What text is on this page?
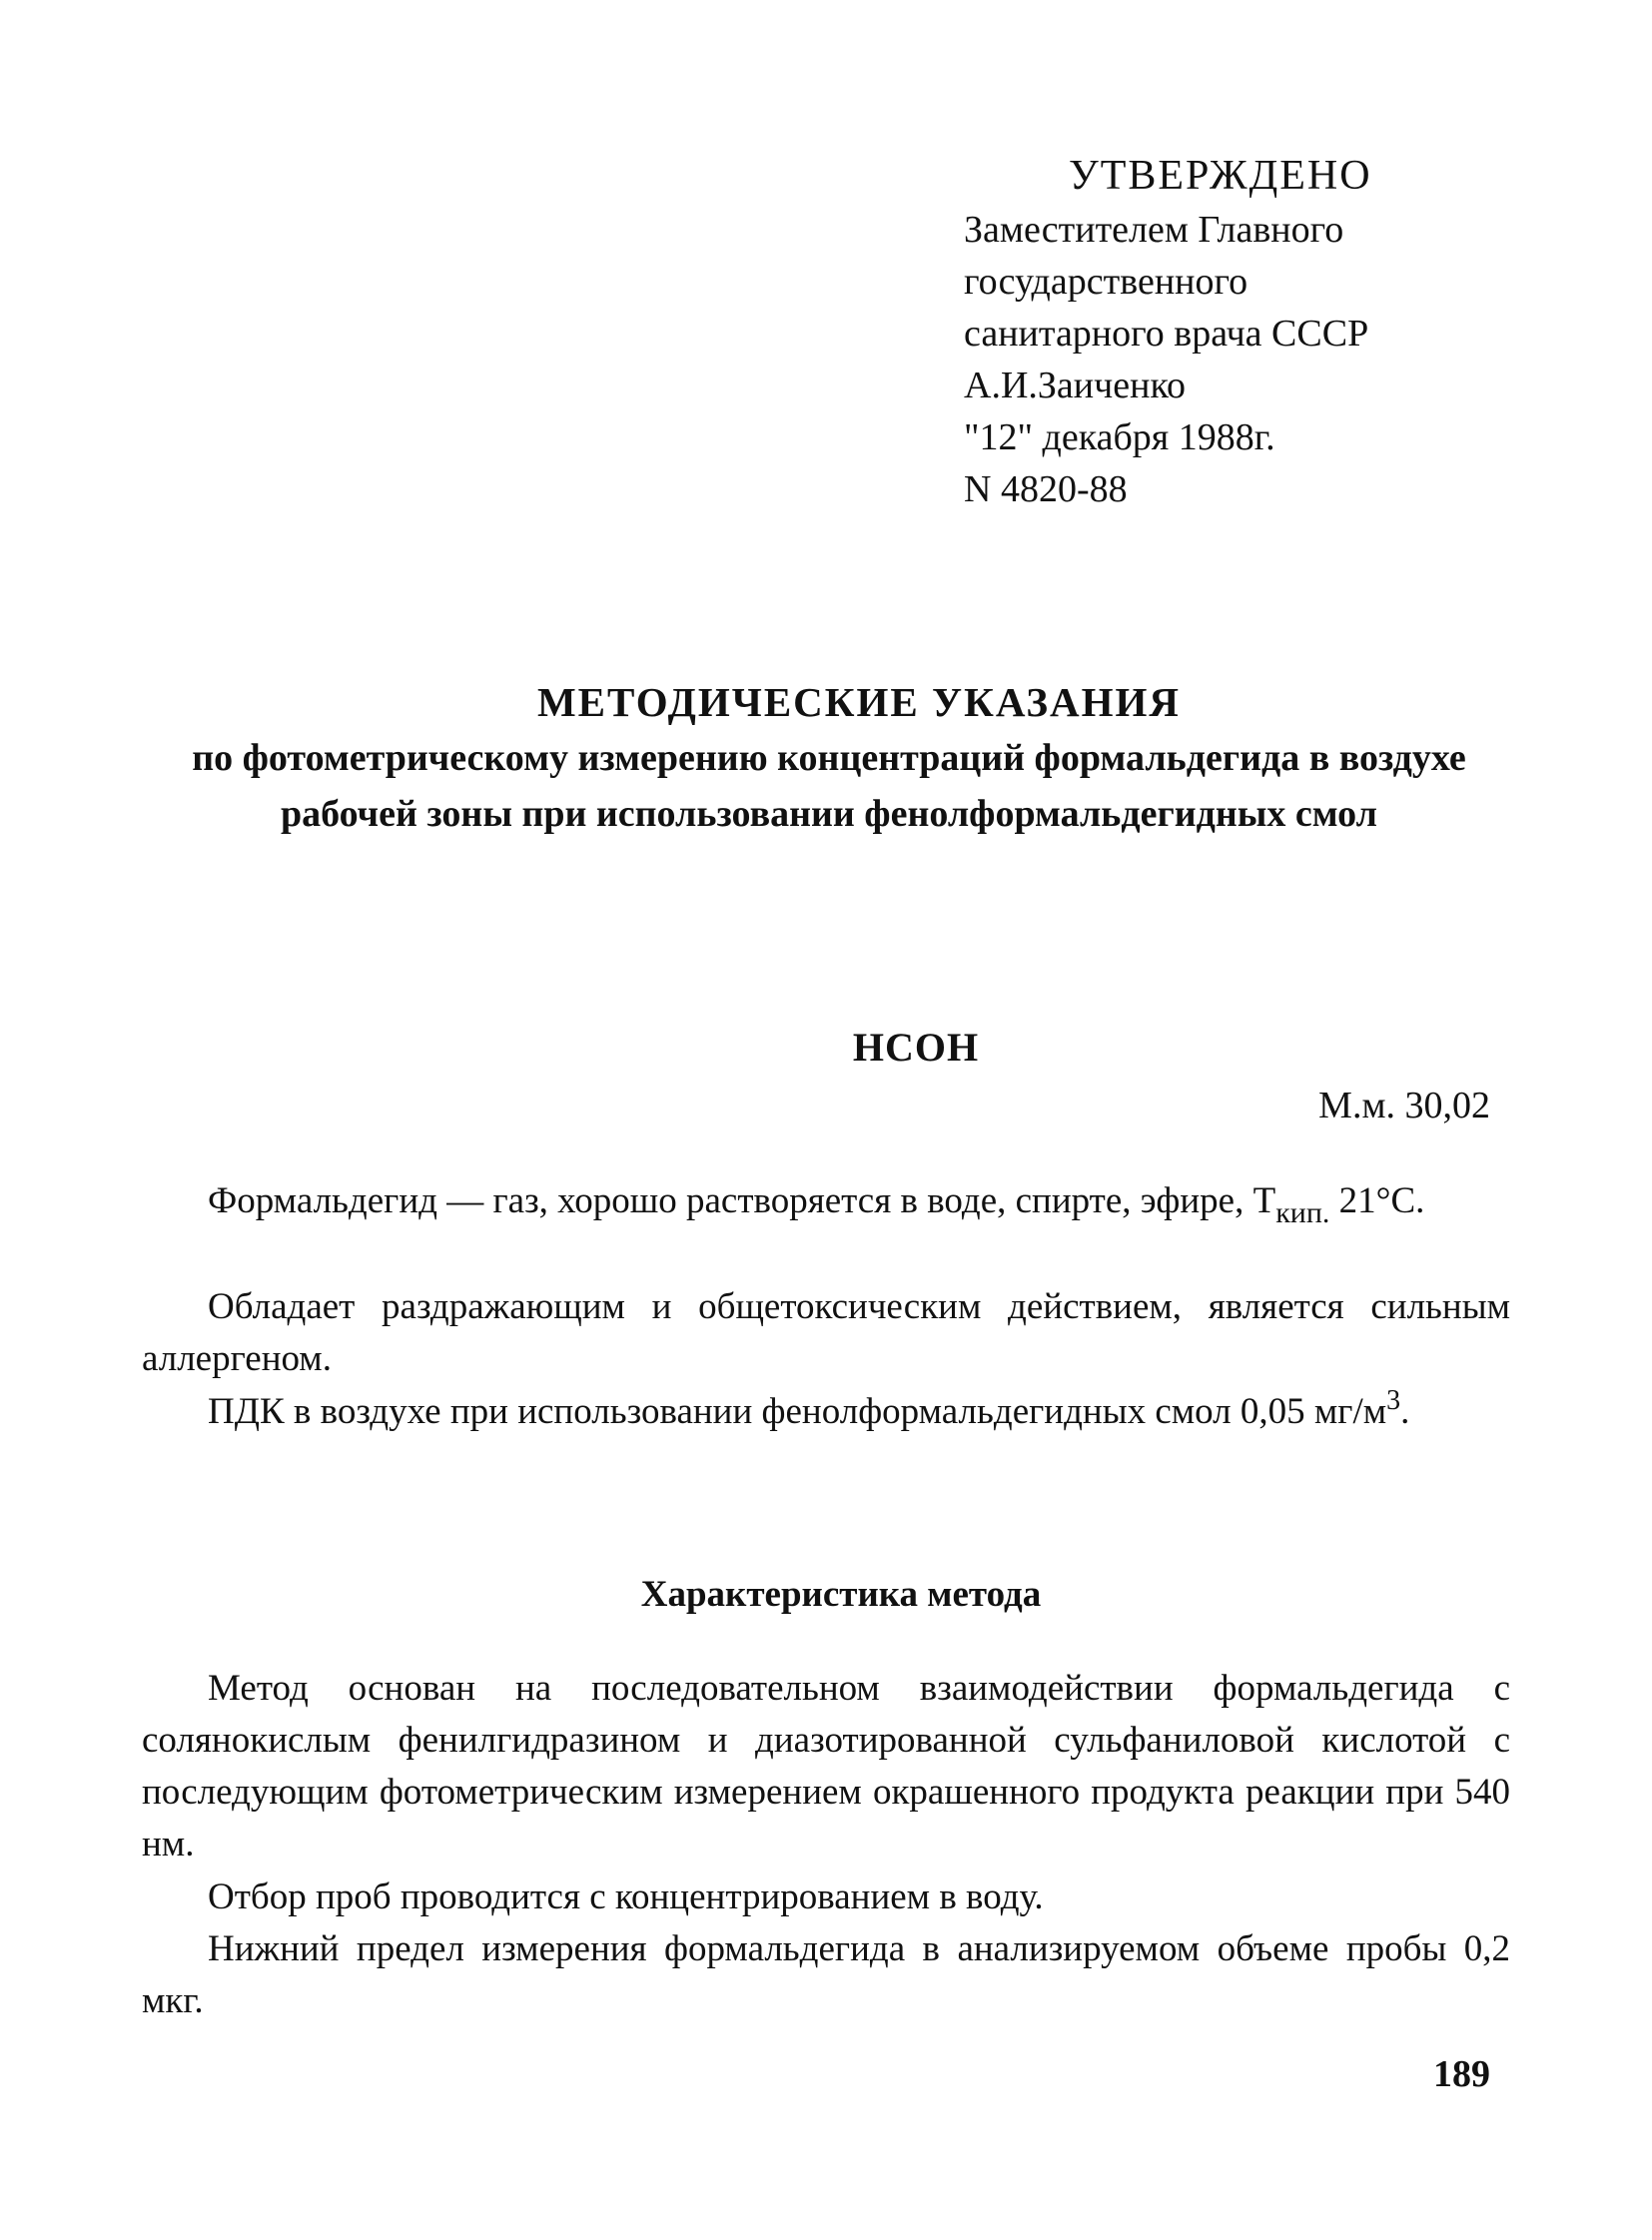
УТВЕРЖДЕНО
Заместителем Главного
государственного
санитарного врача СССР
А.И.Заиченко
"12" декабря 1988г.
N 4820-88
МЕТОДИЧЕСКИЕ УКАЗАНИЯ
по фотометрическому измерению концентраций формальдегида в воздухе рабочей зоны при использовании фенолформальдегидных смол
НСОН
М.м. 30,02
Формальдегид — газ, хорошо растворяется в воде, спирте, эфире, $Т_{кип.}$ 21°С.
Обладает раздражающим и общетоксическим действием, является сильным аллергеном.
ПДК в воздухе при использовании фенолформальдегидных смол 0,05 $мг/м^3$.
Характеристика метода
Метод основан на последовательном взаимодействии формальдегида с солянокислым фенилгидразином и диазотированной сульфаниловой кислотой с последующим фотометрическим измерением окрашенного продукта реакции при 540 нм.
Отбор проб проводится с концентрированием в воду.
Нижний предел измерения формальдегида в анализируемом объеме пробы 0,2 мкг.
189
